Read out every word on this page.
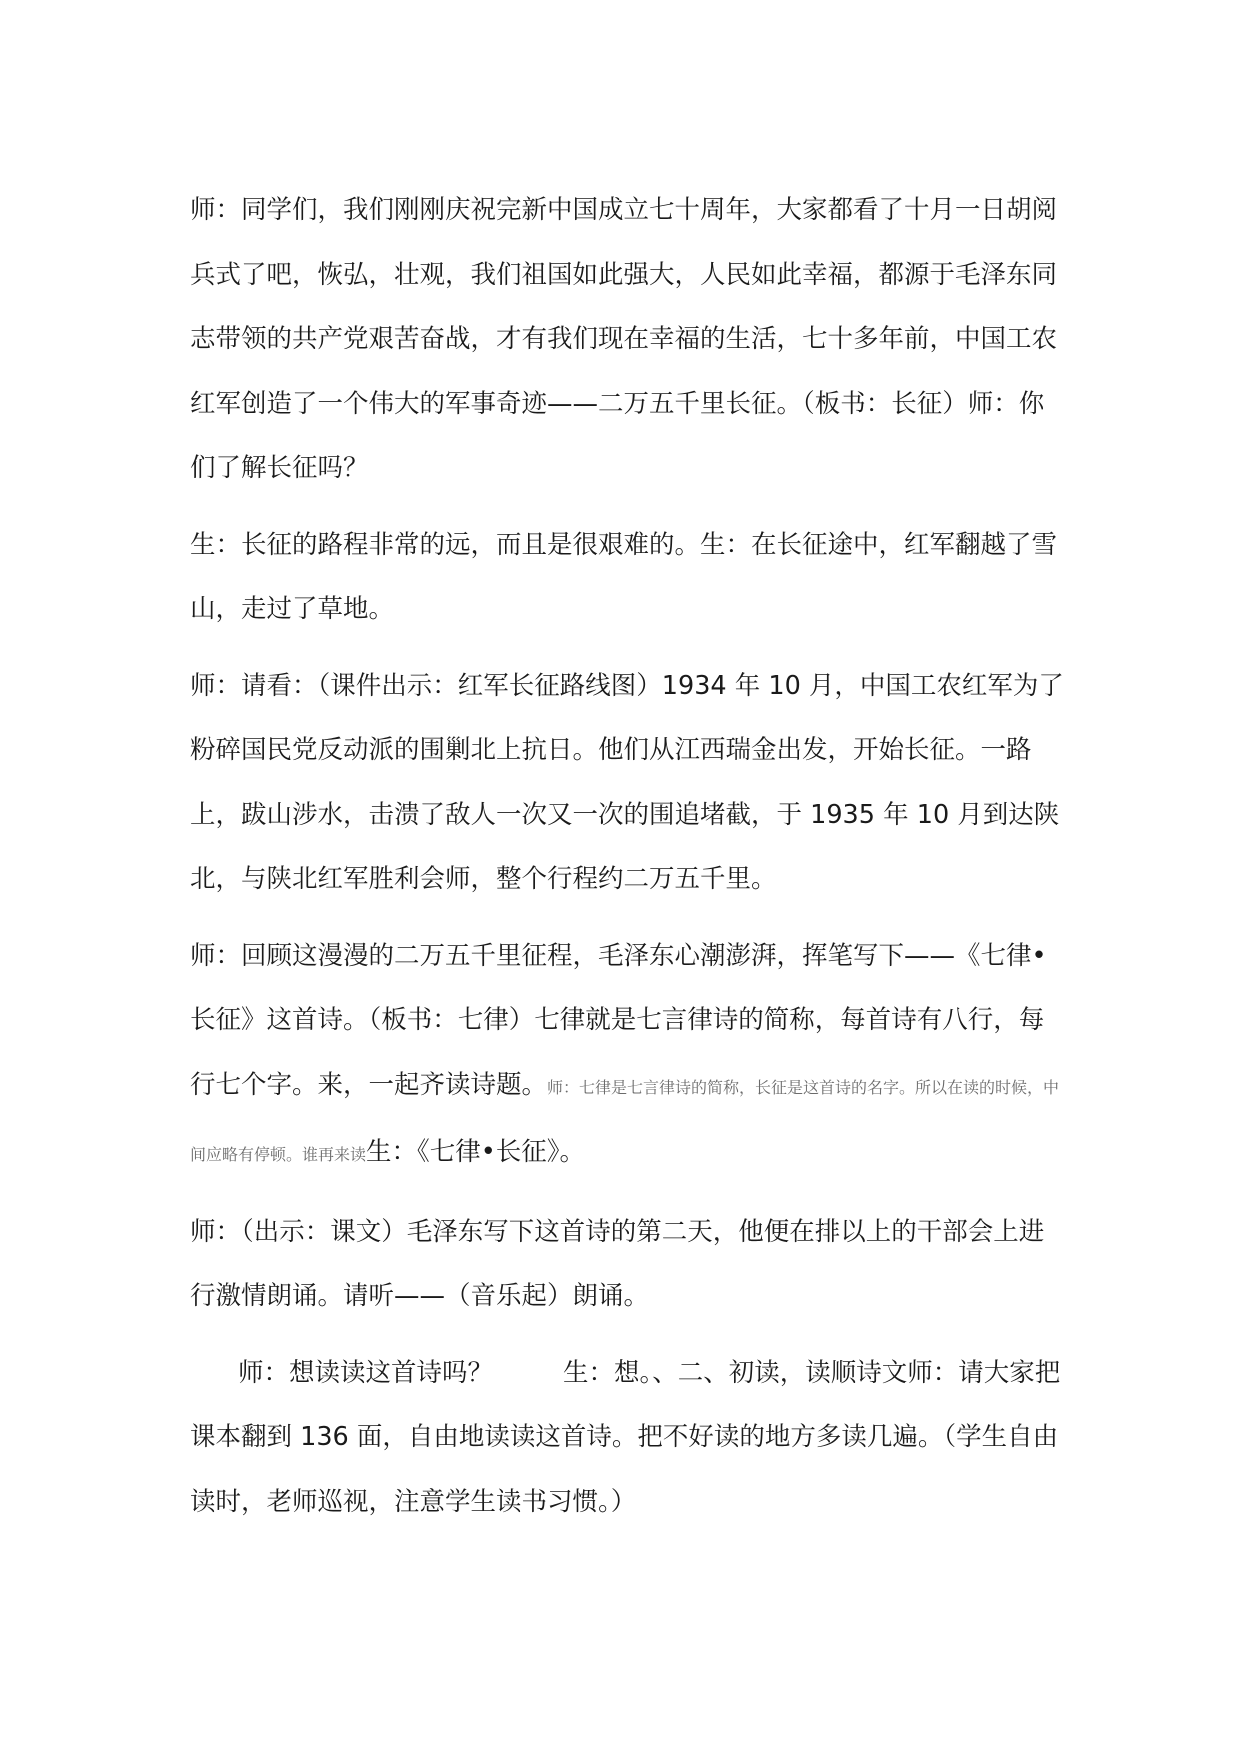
师：同学们，我们刚刚庆祝完新中国成立七十周年，大家都看了十月一日胡阅兵式了吧，恢弘，壮观，我们祖国如此强大，人民如此幸福，都源于毛泽东同志带领的共产党艰苦奋战，才有我们现在幸福的生活，七十多年前，中国工农红军创造了一个伟大的军事奇迹——二万五千里长征。（板书：长征）师：你们了解长征吗？

生：长征的路程非常的远，而且是很艰难的。生：在长征途中，红军翻越了雪山，走过了草地。

师：请看：（课件出示：红军长征路线图）1934 年 10 月，中国工农红军为了粉碎国民党反动派的围剿北上抗日。他们从江西瑞金出发，开始长征。一路上，跋山涉水，击溃了敌人一次又一次的围追堵截，于 1935 年 10 月到达陕北，与陕北红军胜利会师，整个行程约二万五千里。

师：回顾这漫漫的二万五千里征程，毛泽东心潮澎湃，挥笔写下——《七律•长征》这首诗。（板书：七律）七律就是七言律诗的简称，每首诗有八行，每行七个字。来，一起齐读诗题。师：七律是七言律诗的简称，长征是这首诗的名字。所以在读的时候，中间应略有停顿。谁再来读生：《七律•长征》。

师：（出示：课文）毛泽东写下这首诗的第二天，他便在排以上的干部会上进行激情朗诵。请听——（音乐起）朗诵。

师：想读读这首诗吗？	生：想。、二、初读，读顺诗文师：请大家把课本翻到 136 面，自由地读读这首诗。把不好读的地方多读几遍。（学生自由读时，老师巡视，注意学生读书习惯。）
